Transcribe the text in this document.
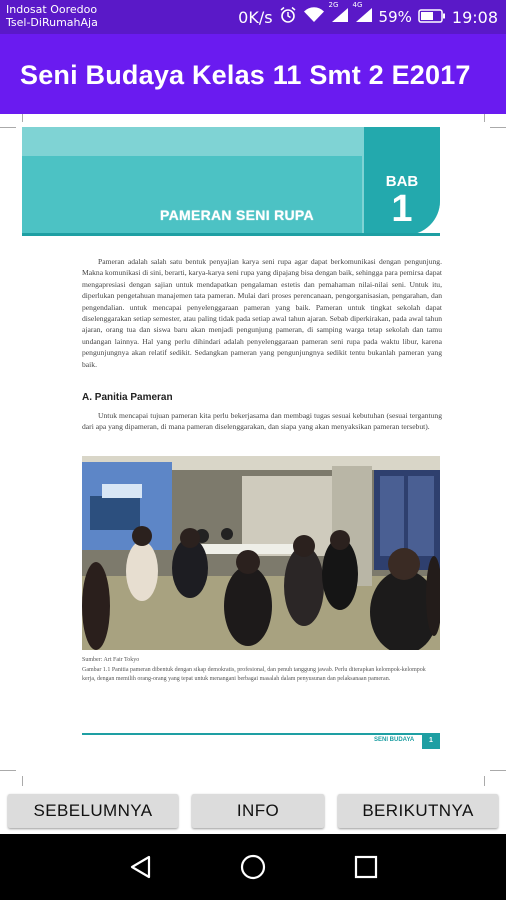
Indosat Ooredoo
Tsel-DiRumahAja	0K/s
2G 4G
59%	19:08
Seni Budaya Kelas 11 Smt 2 E2017
BAB
1
PAMERAN SENI RUPA
Pameran adalah salah satu bentuk penyajian karya seni rupa agar dapat berkomunikasi dengan pengunjung. Makna komunikasi di sini, berarti, karya-karya seni rupa yang dipajang bisa dengan baik, sehingga para pemirsa dapat mengapresiasi dengan sajian untuk mendapatkan pengalaman estetis dan pemahaman nilai-nilai seni. Untuk itu, diperlukan pengetahuan manajemen tata pameran. Mulai dari proses perencanaan, pengorganisasian, pengarahan, dan pengendalian. untuk mencapai penyelenggaraan pameran yang baik. Pameran untuk tingkat sekolah dapat diselenggarakan setiap semester, atau paling tidak pada setiap awal tahun ajaran. Sebab diperkirakan, pada awal tahun ajaran, orang tua dan siswa baru akan menjadi pengunjung pameran, di samping warga tetap sekolah dan tamu undangan lainnya. Hal yang perlu dihindari adalah penyelenggaraan pameran seni rupa pada waktu libur, karena pengunjungnya akan relatif sedikit. Sedangkan pameran yang pengunjungnya sedikit tentu bukanlah pameran yang baik.
A. Panitia Pameran
Untuk mencapai tujuan pameran kita perlu bekerjasama dan membagi tugas sesuai kebutuhan (sesuai tergantung dari apa yang dipameran, di mana pameran diselenggarakan, dan siapa yang akan menyaksikan pameran tersebut).
Sumber: Art Fair Tokyo
Gambar 1.1 Panitia pameran dibentuk dengan sikap demokratis, profesional, dan penuh tanggung jawab. Perlu diterapkan kelompok-kelompok kerja, dengan memilih orang-orang yang tepat untuk menangani berbagai masalah dalam penyusunan dan pelaksanaan pameran.
SENI BUDAYA	1
SEBELUMNYA	INFO	BERIKUTNYA
